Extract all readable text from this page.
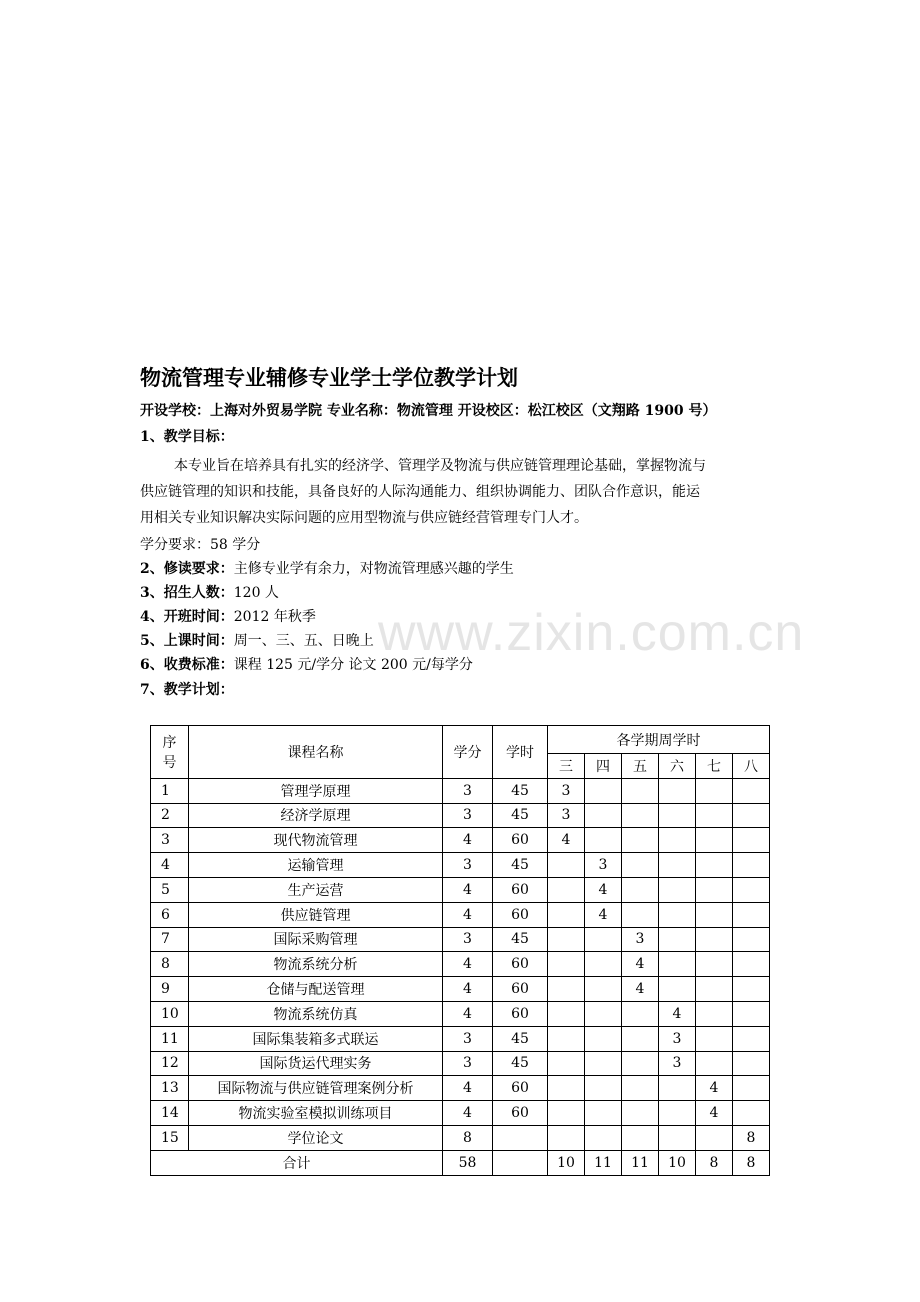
www.zixin.com.cn
物流管理专业辅修专业学士学位教学计划
开设学校：上海对外贸易学院 专业名称：物流管理 开设校区：松江校区（文翔路 1900 号）
1、教学目标：

本专业旨在培养具有扎实的经济学、管理学及物流与供应链管理理论基础，掌握物流与

供应链管理的知识和技能，具备良好的人际沟通能力、组织协调能力、团队合作意识，能运

用相关专业知识解决实际问题的应用型物流与供应链经营管理专门人才。

学分要求：58 学分
2、修读要求：主修专业学有余力，对物流管理感兴趣的学生
3、招生人数：120 人
4、开班时间：2012 年秋季
5、上课时间：周一、三、五、日晚上
6、收费标准：课程 125 元/学分 论文 200 元/每学分
7、教学计划：
序
号	课程名称	学分	学时	各学期周学时					
				三	四	五	六	七	八
1	管理学原理	3	45	3					
2	经济学原理	3	45	3					
3	现代物流管理	4	60	4					
4	运输管理	3	45		3				
5	生产运营	4	60		4				
6	供应链管理	4	60		4				
7	国际采购管理	3	45			3			
8	物流系统分析	4	60			4			
9	仓储与配送管理	4	60			4			
10	物流系统仿真	4	60				4		
11	国际集装箱多式联运	3	45				3		
12	国际货运代理实务	3	45				3		
13	国际物流与供应链管理案例分析	4	60					4	
14	物流实验室模拟训练项目	4	60					4	
15	学位论文	8							8
合计		58		10	11	11	10	8	8
